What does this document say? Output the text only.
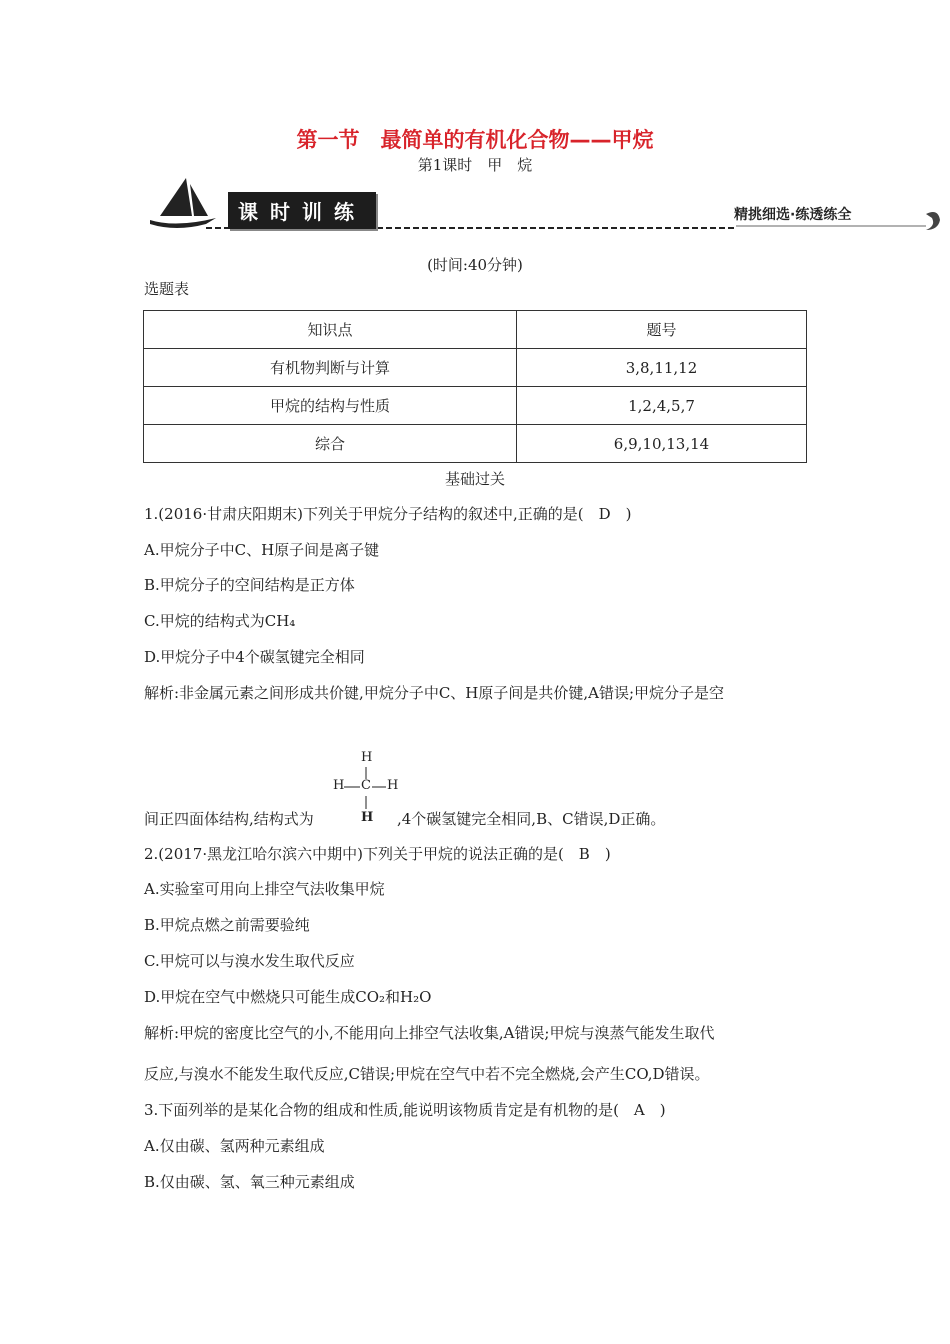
第一节　最简单的有机化合物——甲烷
第1课时　甲　烷
课时训练	精挑细选·练透练全
(时间:40分钟)
选题表
知识点	题号
有机物判断与计算	3,8,11,12
甲烷的结构与性质	1,2,4,5,7
综合	6,9,10,13,14
基础过关
1.(2016·甘肃庆阳期末)下列关于甲烷分子结构的叙述中,正确的是(　D　)
A.甲烷分子中C、H原子间是离子键
B.甲烷分子的空间结构是正方体
C.甲烷的结构式为CH₄
D.甲烷分子中4个碳氢键完全相同
解析:非金属元素之间形成共价键,甲烷分子中C、H原子间是共价键,A错误;甲烷分子是空
H
H C H
H
间正四面体结构,结构式为	,4个碳氢键完全相同,B、C错误,D正确。
2.(2017·黑龙江哈尔滨六中期中)下列关于甲烷的说法正确的是(　B　)
A.实验室可用向上排空气法收集甲烷
B.甲烷点燃之前需要验纯
C.甲烷可以与溴水发生取代反应
D.甲烷在空气中燃烧只可能生成CO₂和H₂O
解析:甲烷的密度比空气的小,不能用向上排空气法收集,A错误;甲烷与溴蒸气能发生取代
反应,与溴水不能发生取代反应,C错误;甲烷在空气中若不完全燃烧,会产生CO,D错误。
3.下面列举的是某化合物的组成和性质,能说明该物质肯定是有机物的是(　A　)
A.仅由碳、氢两种元素组成
B.仅由碳、氢、氧三种元素组成
